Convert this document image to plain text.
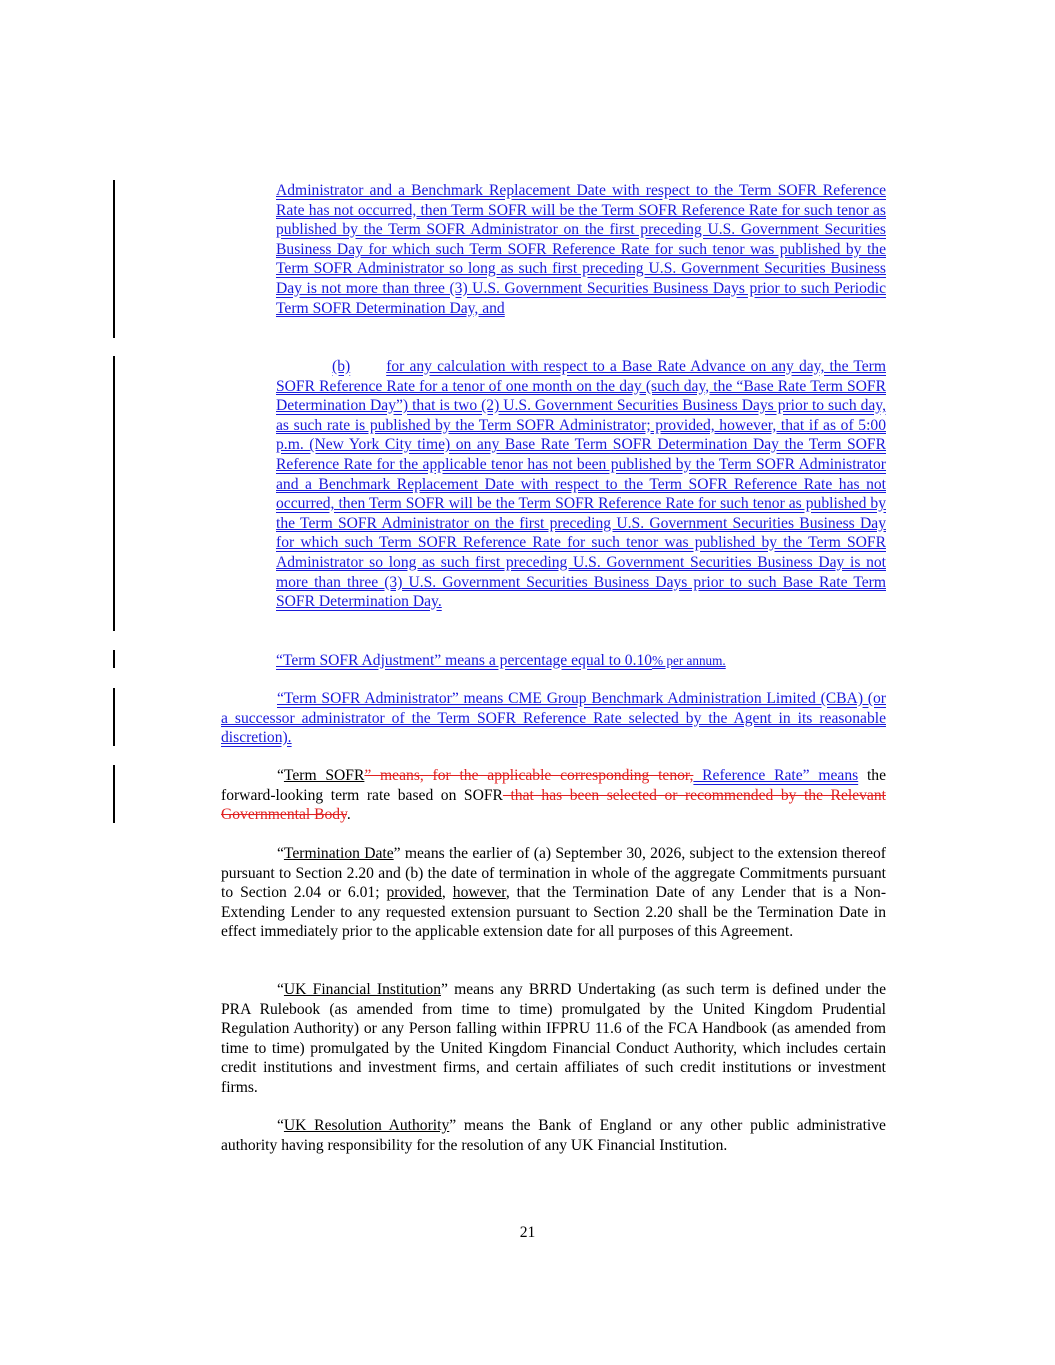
Administrator and a Benchmark Replacement Date with respect to the Term SOFR Reference Rate has not occurred, then Term SOFR will be the Term SOFR Reference Rate for such tenor as published by the Term SOFR Administrator on the first preceding U.S. Government Securities Business Day for which such Term SOFR Reference Rate for such tenor was published by the Term SOFR Administrator so long as such first preceding U.S. Government Securities Business Day is not more than three (3) U.S. Government Securities Business Days prior to such Periodic Term SOFR Determination Day, and

(b) for any calculation with respect to a Base Rate Advance on any day, the Term SOFR Reference Rate for a tenor of one month on the day (such day, the “Base Rate Term SOFR Determination Day”) that is two (2) U.S. Government Securities Business Days prior to such day, as such rate is published by the Term SOFR Administrator; provided, however, that if as of 5:00 p.m. (New York City time) on any Base Rate Term SOFR Determination Day the Term SOFR Reference Rate for the applicable tenor has not been published by the Term SOFR Administrator and a Benchmark Replacement Date with respect to the Term SOFR Reference Rate has not occurred, then Term SOFR will be the Term SOFR Reference Rate for such tenor as published by the Term SOFR Administrator on the first preceding U.S. Government Securities Business Day for which such Term SOFR Reference Rate for such tenor was published by the Term SOFR Administrator so long as such first preceding U.S. Government Securities Business Day is not more than three (3) U.S. Government Securities Business Days prior to such Base Rate Term SOFR Determination Day.

“Term SOFR Adjustment” means a percentage equal to 0.10% per annum.

“Term SOFR Administrator” means CME Group Benchmark Administration Limited (CBA) (or a successor administrator of the Term SOFR Reference Rate selected by the Agent in its reasonable discretion).

“Term SOFR” means, for the applicable corresponding tenor, Reference Rate” means the forward-looking term rate based on SOFR that has been selected or recommended by the Relevant Governmental Body.

“Termination Date” means the earlier of (a) September 30, 2026, subject to the extension thereof pursuant to Section 2.20 and (b) the date of termination in whole of the aggregate Commitments pursuant to Section 2.04 or 6.01; provided, however, that the Termination Date of any Lender that is a Non-Extending Lender to any requested extension pursuant to Section 2.20 shall be the Termination Date in effect immediately prior to the applicable extension date for all purposes of this Agreement.

“UK Financial Institution” means any BRRD Undertaking (as such term is defined under the PRA Rulebook (as amended from time to time) promulgated by the United Kingdom Prudential Regulation Authority) or any Person falling within IFPRU 11.6 of the FCA Handbook (as amended from time to time) promulgated by the United Kingdom Financial Conduct Authority, which includes certain credit institutions and investment firms, and certain affiliates of such credit institutions or investment firms.

“UK Resolution Authority” means the Bank of England or any other public administrative authority having responsibility for the resolution of any UK Financial Institution.

21
